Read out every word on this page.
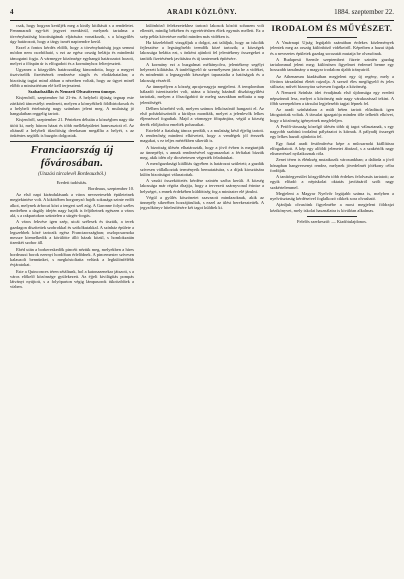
4	ARADI KÖZLÖNY.	1884. szeptember 22.

csak, hogy hogyan kerüljék meg a király kitiltását s a rendeletet. Fennmaradt egy-két jegyzet ezenkívül, melynek tartalma a törvényhatóság bizottságának eljárására vonatkozik, s a közgyűlés úgy határozott, hogy a tárgy ismét napirendre kerül.

Ezzel a fontos kérdés eldőlt, hogy a törvényhatóság joga semmi módon nem csorbítható, s ezt az egész ország belátja és mindenki támogatni fogja. A vármegye közönsége egyhangú határozatot hozott, melyet a főispán úr is elfogadott és a kormányhoz felterjesztett.

Ugyanez a közgyűlés határozatilag kimondotta, hogy a megyei tisztviselők fizetésének rendezése sürgős és elodázhatatlan; a bizottság tagjai mind abban a nézetben voltak, hogy az ügyet minél előbb a minisztérium elé kell terjeszteni.

Szabadszállás és Nemzeti Olvasóterem ünnepe.

Kisjenőről, szeptember hó 21-én. A helybeli ifjúság tegnap este zártkörű táncestélyt rendezett, melyen a környékbeli földbirtokosok és a helybeli értelmiség nagy számban jelent meg. A mulatság jó hangulatban reggelig tartott.

Kisjenőről, szeptember 21. Pénteken délután a községben nagy tűz ütött ki, mely három házat és több melléképületet hamvasztott el. Az oltásnál a helybeli tűzoltóság derekasan megállta a helyét, s az önkéntes segítők is buzgón dolgoztak.

Franciaország új fővárosában.

(Utazási tárcalevél Bordeauxból.)

Eredeti tudósítás.

Bordeaux, szeptember 10.

Az első napi kirándulásunk a város nevezetesebb épületeinek megtekintése volt. A kikötőben horgonyzó hajók sokasága szinte erdőt alkot, melynek árbocai közt a tengeri szél zúg. A Garonne folyó széles medrében a dagály idején nagy hajók is feljöhetnek egészen a város alá, s a rakpartokon szüntelen a sürgés-forgás.

A város fekvése igen szép, utcái szélesek és tiszták, a terek gazdagon díszítettek szobrokkal és szökőkutakkal. A színház épülete a legszebbek közé tartozik egész Franciaországban; oszlopcsarnoka messze kiemelkedik a körülötte álló házak közül, s homlokzatán tizenkét szobor áll.

Ebéd után a borkereskedők pincéit néztük meg, melyekben a híres bordeauxi borok ezernyi hordóban érlelődnek. A pincemester szívesen kalauzolt bennünket, s megkóstoltatta velünk a legkülönfélébb évjáratokat.

Este a Quinconces téren sétáltunk, hol a katonazenekar játszott, s a város előkelő közönsége gyülekezett. Az éjjeli kivilágítás pompás látványt nyújtott, s a folyóparton végig lámpasorok tükröződtek a vízben.

különböző felekezetekhez tartozó lakosok között sohasem volt ellentét, mindig békében és egyetértésben éltek egymás mellett. Ez a szép példa követésre méltó minden más vidéken is.

Ha közelebbről vizsgáljuk a dolgot, azt találjuk, hogy az iskolák fejlesztése a legsürgősebb teendők közé tartozik; a községek lakossága belátta ezt, s önként ajánlott fel jelentékeny összegeket a tanítók fizetésének javítására és új tantermek építésére.

A kormány ezt a buzgalmat méltányolva, jelentékeny segélyt helyezett kilátásba. A tanfelügyelő úr személyesen járta be a vidéket, és mindenütt a legnagyobb készséget tapasztalta a hatóságok és a lakosság részéről.

Az ünnepélyen a község apraja-nagyja megjelent. A templomban hálaadó istentisztelet volt, utána a község házánál díszközgyűlést tartottak, melyen a főszolgabíró úr meleg szavakban méltatta a nap jelentőségét.

Délben közebéd volt, melyen számos felköszöntő hangzott el. Az első pohárköszöntőt a királyra mondták, melyet a jelenlevők lelkes éljenzéssel fogadtak. Majd a vármegye főispánjára, végül a község derék elöljáróira emelték poharaikat.

Estefelé a fiatalság táncra perdült, s a mulatság késő éjjelig tartott. A rendezőség mindent elkövetett, hogy a vendégek jól érezzék magukat, s ez teljes mértékben sikerült is.

A bizottság ülésén elhatározták, hogy a jövő évben is megtartják az ünnepélyt, s annak rendezésével ugyanazokat a férfiakat bízzák meg, akik idén oly dicséretesen végezték feladatukat.

A mezőgazdasági kiállítás ügyében is határozat született; a gazdák szívesen vállalkoztak terményeik bemutatására, s a díjak kiosztására külön bizottságot választottak.

A vasúti összeköttetés kérdése szintén szóba került. A község lakossága már régóta óhajtja, hogy a tervezett szárnyvonal érintse a helységet, s ennek érdekében küldöttség fog a miniszter elé járulni.

Végül a gyűlés köszönetet szavazott mindazoknak, akik az ünnepély sikeréhez hozzájárultak, s ezzel az ülést berekesztették. A jegyzőkönyv hitelesítésére két tagot küldtek ki.

IRODALOM ÉS MŰVÉSZET.

A Vasárnapi Ujság legújabb számában érdekes közlemények jelentek meg az ország különböző vidékeiről. Képeiben a hazai tájak és a nevezetes épületek gazdag sorozatát mutatja be olvasóinak.

A Budapesti Szemle szeptemberi füzete szintén gazdag tartalommal jelent meg; különösen figyelmet érdemel benne egy hosszabb tanulmány a magyar irodalom újabb irányairól.

Az Athenaeum kiadásában megjelent egy új regény, mely a főváros társadalmi életét rajzolja. A szerző éles megfigyelő és jeles stiliszta; művét bizonyára szívesen fogadja a közönség.

A Nemzeti Színház idei évadjának első újdonsága egy eredeti népszínmű lesz, melyet a közönség már nagy várakozással tekint. A főbb szerepekben a társulat legjelesebb tagjai lépnek fel.

Az aradi színházban a múlt héten tartott előadások igen látogatottak voltak. A társulat igazgatója minden tőle telhetőt elkövet, hogy a közönség igényeinek megfeleljen.

A Petőfi-társaság közelgő ülésén több új tagot választanak, s egy nagyobb szabású irodalmi pályázatot is kiírnak. A pályadíj összegét egy lelkes hazafi ajánlotta fel.

Egy fiatal aradi festőművész képe a műcsarnoki kiállításra elfogadtatott. A kép egy alföldi jelenetet ábrázol, s a szakértők nagy elismeréssel nyilatkoznak róla.

Zenei téren is élénkség mutatkozik városunkban; a dalárda a jövő hónapban hangversenyt rendez, melynek jövedelmét jótékony célra fordítják.

A tanítóegyesület közgyűlésén több érdekes felolvasás tartatott; az egyik előadó a népiskolai oktatás javításáról szólt nagy szakértelemmel.

Megjelent a Magyar Nyelvőr legújabb száma is, melyben a nyelvtisztaság kérdéseivel foglalkozó cikkek sora olvasható.

Ajánljuk olvasóink figyelmébe a most megjelent földrajzi kézikönyvet, mely iskolai használatra is kiválóan alkalmas.

Felelős szerkesztő: — Kiadótulajdonos.
